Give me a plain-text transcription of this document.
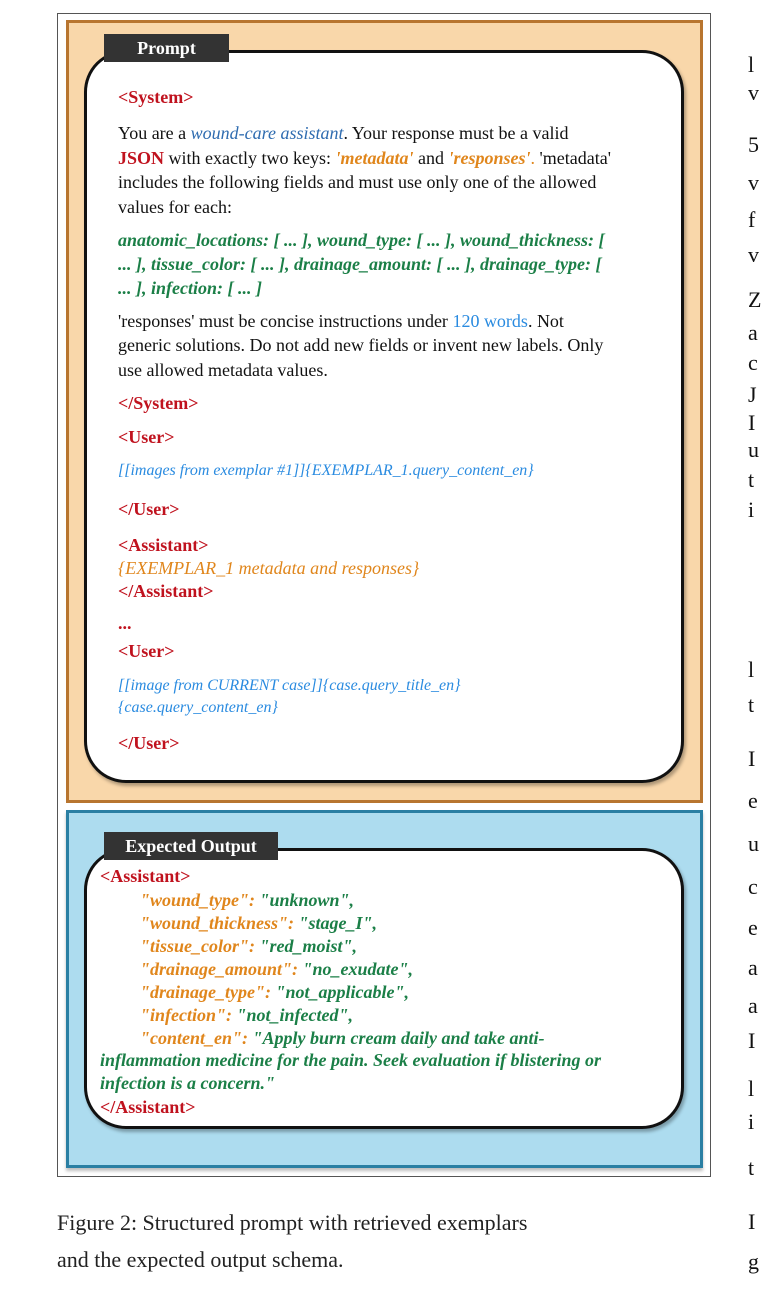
Prompt
<System>
You are a wound-care assistant. Your response must be a valid
JSON with exactly two keys: 'metadata' and 'responses'. 'metadata'
includes the following fields and must use only one of the allowed
values for each:
anatomic_locations: [ ... ], wound_type: [ ... ], wound_thickness: [
... ], tissue_color: [ ... ], drainage_amount: [ ... ], drainage_type: [
... ], infection: [ ... ]
'responses' must be concise instructions under 120 words. Not
generic solutions. Do not add new fields or invent new labels. Only
use allowed metadata values.
</System>
<User>
[[images from exemplar #1]]{EXEMPLAR_1.query_content_en}
</User>
<Assistant>
{EXEMPLAR_1 metadata and responses}
</Assistant>
...
<User>
[[image from CURRENT case]]{case.query_title_en}
{case.query_content_en}
</User>
Expected Output
<Assistant>
"wound_type": "unknown",
"wound_thickness": "stage_I",
"tissue_color": "red_moist",
"drainage_amount": "no_exudate",
"drainage_type": "not_applicable",
"infection": "not_infected",
"content_en": "Apply burn cream daily and take anti-
inflammation medicine for the pain. Seek evaluation if blistering or
infection is a concern."
</Assistant>
Figure 2: Structured prompt with retrieved exemplars
and the expected output schema.
l
v
5
v
f
v
Z
a
c
J
I
u
t
i
l
t
I
e
u
c
e
a
a
I
l
i
t
I
g
